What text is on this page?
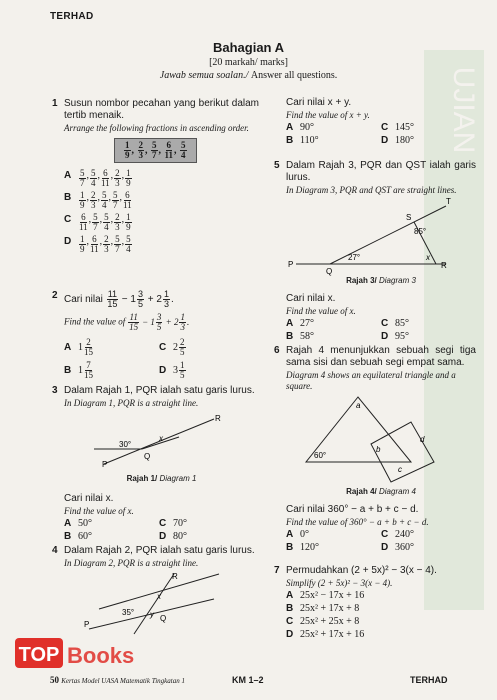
UJIAN
TERHAD
Bahagian A
[20 markah/ marks]
Jawab semua soalan./ Answer all questions.
1 Susun nombor pecahan yang berikut dalam tertib menaik.
Arrange the following fractions in ascending order.
$\frac{1}{9}$ , $\frac{2}{3}$ , $\frac{5}{7}$ , $\frac{6}{11}$ , $\frac{5}{4}$
A 5
7
, 5
4
, 6
11
, 2
3
, 1
9
B 1
9
, 2
3
, 5
4
, 5
7
, 6
11
C	6
11
, 5
7
, 5
4
, 2
3
, 1
9
D 1
9
, 6
11
, 2
3
, 5
7
, 5
4
2 Cari nilai $\frac{11}{15} - 1 \frac{3}{5} + 2 \frac{1}{3}$ .
Find the value of $\frac{11}{15} - 1 \frac{3}{5} + 2 \frac{1}{3}$ .
A $1 \frac{2}{15}$	C $2 \frac{2}{5}$
B $1 \frac{7}{15}$	D $3 \frac{1}{5}$
3 Dalam Rajah 1, PQR ialah satu garis lurus.
In Diagram 1, PQR is a straight line.
P
Q
R
x
30°
Rajah 1/ Diagram 1
Cari nilai x.
Find the value of x.
A 50°	C 70°
B 60°	D 80°
4 Dalam Rajah 2, PQR ialah satu garis lurus.
In Diagram 2, PQR is a straight line.
P
Q
R
x
y
35°
Cari nilai x + y.
Find the value of x + y.
A 90°	C 145°
B 110°	D 180°
5 Dalam Rajah 3, PQR dan QST ialah garis lurus.
In Diagram 3, PQR and QST are straight lines.
P
Q
R
S
T
x
85°
27°
Rajah 3/ Diagram 3
Cari nilai x.
Find the value of x.
A 27°	C 85°
B 58°	D 95°
6 Rajah 4 menunjukkan sebuah segi tiga sama sisi dan sebuah segi empat sama.
Diagram 4 shows an equilateral triangle and a square.
a
b
c
d
60°
Rajah 4/ Diagram 4
Cari nilai 360° − a + b + c − d.
Find the value of 360° − a + b + c − d.
A 0°	C 240°
B 120°	D 360°
7 Permudahkan (2 + 5x)² − 3(x − 4).
Simplify (2 + 5x)² − 3(x − 4).
A 25x² − 17x + 16
B 25x² + 17x + 8
C 25x² + 25x + 8
D 25x² + 17x + 16
TOP Books
50 Kertas Model UASA Matematik Tingkatan 1	KM 1–2	TERHAD
